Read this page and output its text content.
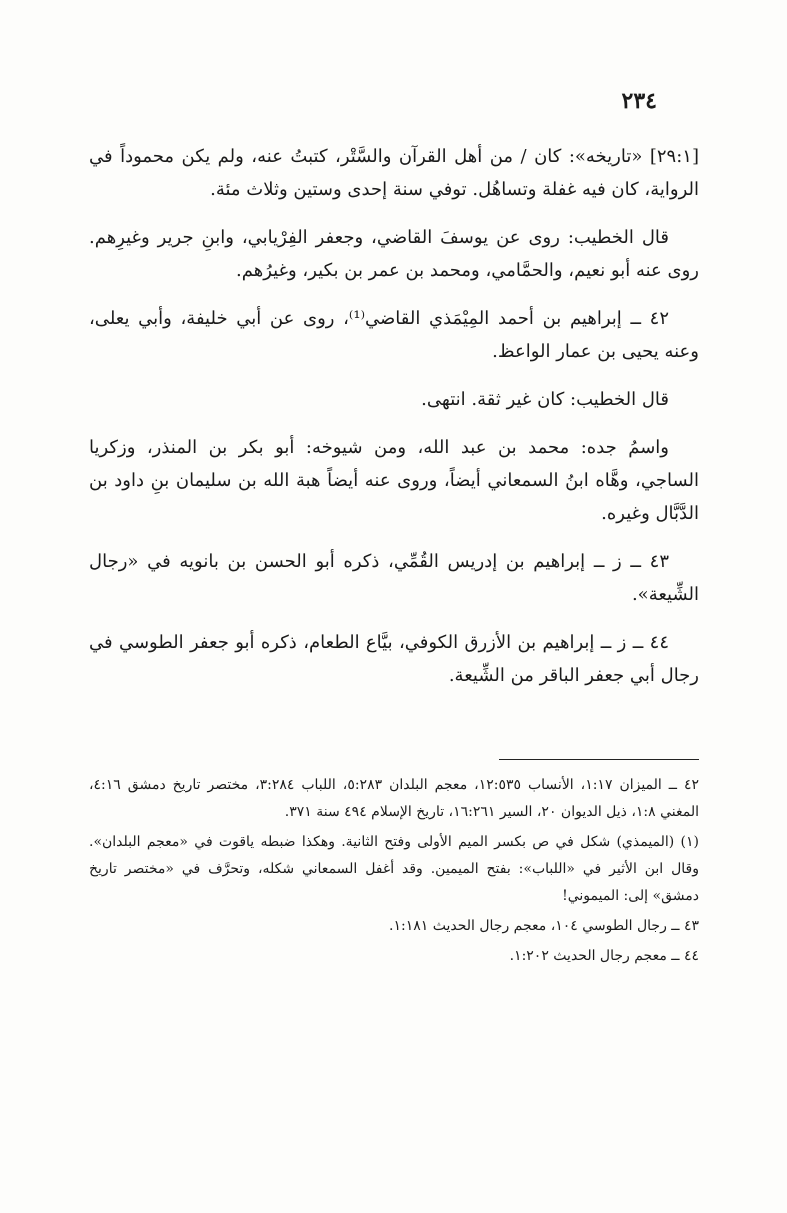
٢٣٤

[٢٩:١] «تاريخه»: كان / من أهل القرآن والسَّتْر، كتبتُ عنه، ولم يكن محموداً في الرواية، كان فيه غفلة وتساهُل. توفي سنة إحدى وستين وثلاث مئة.

قال الخطيب: روى عن يوسفَ القاضي، وجعفر الفِرْيابي، وابنِ جرير وغيرِهم. روى عنه أبو نعيم، والحمَّامي، ومحمد بن عمر بن بكير، وغيرُهم.

٤٢ ــ إبراهيم بن أحمد المِيْمَذي القاضي⁽¹⁾، روى عن أبي خليفة، وأبي يعلى، وعنه يحيى بن عمار الواعظ.

قال الخطيب: كان غير ثقة. انتهى.

واسمُ جده: محمد بن عبد الله، ومن شيوخه: أبو بكر بن المنذر، وزكريا الساجي، وهَّاه ابنُ السمعاني أيضاً، وروى عنه أيضاً هبة الله بن سليمان بنِ داود بن الدَّبَّال وغيره.

٤٣ ــ ز ــ إبراهيم بن إدريس القُمِّي، ذكره أبو الحسن بن بانويه في «رجال الشِّيعة».

٤٤ ــ ز ــ إبراهيم بن الأزرق الكوفي، بيَّاع الطعام، ذكره أبو جعفر الطوسي في رجال أبي جعفر الباقر من الشِّيعة.

٤٢ ــ الميزان ١:١٧، الأنساب ١٢:٥٣٥، معجم البلدان ٥:٢٨٣، اللباب ٣:٢٨٤، مختصر تاريخ دمشق ٤:١٦، المغني ١:٨، ذيل الديوان ٢٠، السير ١٦:٢٦١، تاريخ الإسلام ٤٩٤ سنة ٣٧١.

(١) (الميمذي) شكل في ص بكسر الميم الأولى وفتح الثانية. وهكذا ضبطه ياقوت في «معجم البلدان». وقال ابن الأثير في «اللباب»: بفتح الميمين. وقد أغفل السمعاني شكله، وتحرَّف في «مختصر تاريخ دمشق» إلى: الميموني!

٤٣ ــ رجال الطوسي ١٠٤، معجم رجال الحديث ١:١٨١.

٤٤ ــ معجم رجال الحديث ١:٢٠٢.
